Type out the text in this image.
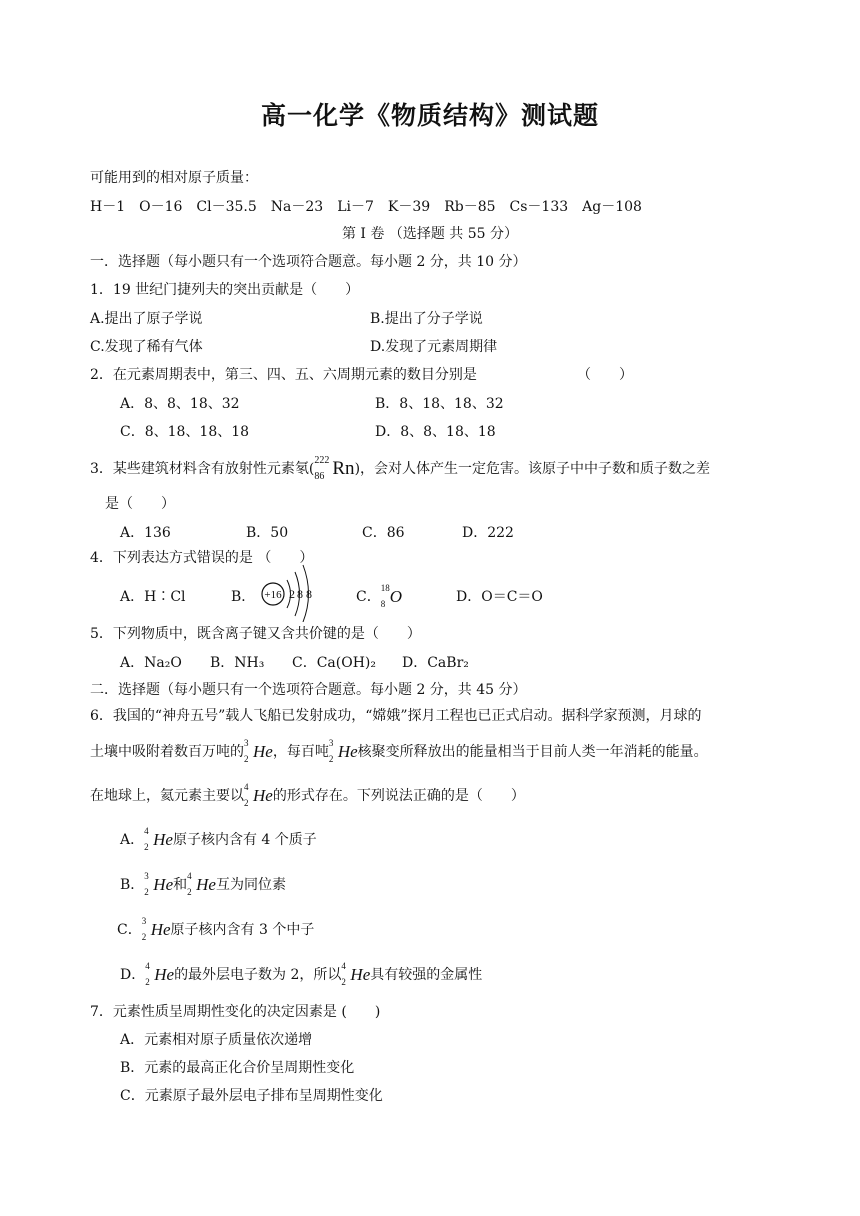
高一化学《物质结构》测试题
可能用到的相对原子质量：
H－1 O－16 Cl－35.5 Na－23 Li－7 K－39 Rb－85 Cs－133 Ag－108
第 I 卷 （选择题 共 55 分）
一．选择题（每小题只有一个选项符合题意。每小题 2 分，共 10 分）
1．19 世纪门捷列夫的突出贡献是（　　）
A.提出了原子学说	B.提出了分子学说
C.发现了稀有气体	D.发现了元素周期律
2．在元素周期表中，第三、四、五、六周期元素的数目分别是	（　　）
A．8、8、18、32	B．8、18、18、32
C．8、18、18、18	D．8、8、18、18
3．某些建筑材料含有放射性元素氡(
222
86 Rn)，会对人体产生一定危害。该原子中中子数和质子数之差
是（　　）
A．136	B．50	C．86	D．222
4．下列表达方式错误的是 （　　）
A．H∶Cl	B． +16 2 8 8	C．
18
8 O	D．O＝C＝O
5．下列物质中，既含离子键又含共价键的是（　　）
A．Na₂O B．NH₃ C．Ca(OH)₂ D．CaBr₂
二．选择题（每小题只有一个选项符合题意。每小题 2 分，共 45 分）
6．我国的“神舟五号”载人飞船已发射成功，“嫦娥”探月工程也已正式启动。据科学家预测，月球的
土壤中吸附着数百万吨的
3
2 He，每百吨
3
2 He核聚变所释放出的能量相当于目前人类一年消耗的能量。
在地球上，氦元素主要以
4
2 He的形式存在。下列说法正确的是（　　）
A．
4
2 He原子核内含有 4 个质子
B．
3
2 He和
4
2 He互为同位素
C．
3
2 He原子核内含有 3 个中子
D．
4
2 He的最外层电子数为 2，所以
4
2 He具有较强的金属性
7．元素性质呈周期性变化的决定因素是 (　　)
A．元素相对原子质量依次递增
B．元素的最高正化合价呈周期性变化
C．元素原子最外层电子排布呈周期性变化
